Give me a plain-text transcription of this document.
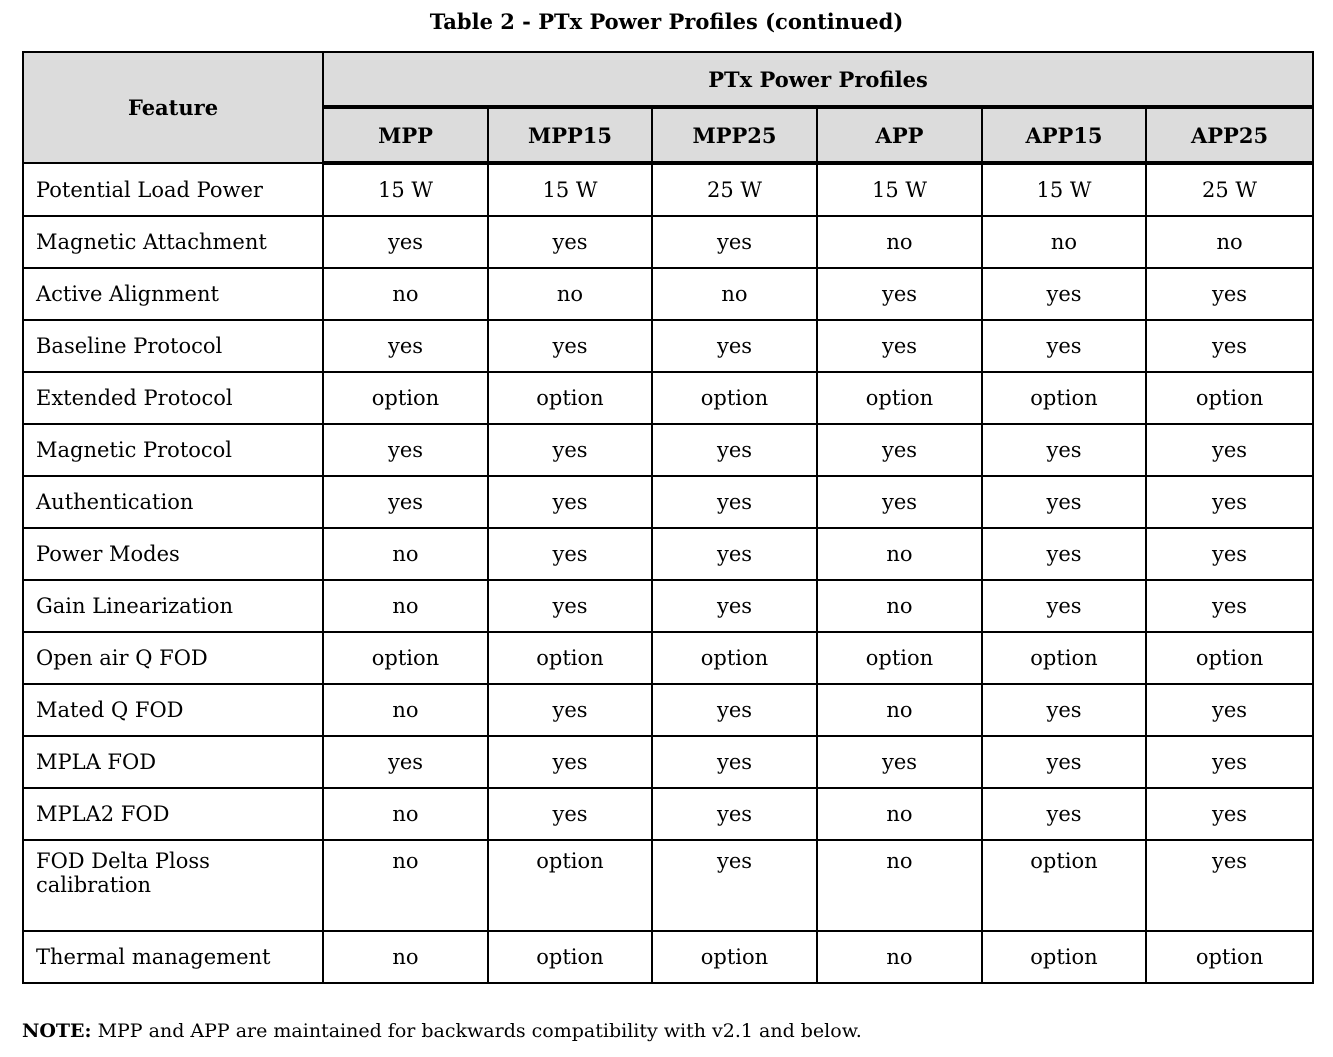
Table 2 - PTx Power Profiles (continued)
Feature	PTx Power Profiles					
	MPP	MPP15	MPP25	APP	APP15	APP25
Potential Load Power	15 W	15 W	25 W	15 W	15 W	25 W
Magnetic Attachment	yes	yes	yes	no	no	no
Active Alignment	no	no	no	yes	yes	yes
Baseline Protocol	yes	yes	yes	yes	yes	yes
Extended Protocol	option	option	option	option	option	option
Magnetic Protocol	yes	yes	yes	yes	yes	yes
Authentication	yes	yes	yes	yes	yes	yes
Power Modes	no	yes	yes	no	yes	yes
Gain Linearization	no	yes	yes	no	yes	yes
Open air Q FOD	option	option	option	option	option	option
Mated Q FOD	no	yes	yes	no	yes	yes
MPLA FOD	yes	yes	yes	yes	yes	yes
MPLA2 FOD	no	yes	yes	no	yes	yes
FOD Delta Ploss calibration	no	option	yes	no	option	yes
Thermal management	no	option	option	no	option	option
NOTE: MPP and APP are maintained for backwards compatibility with v2.1 and below.
